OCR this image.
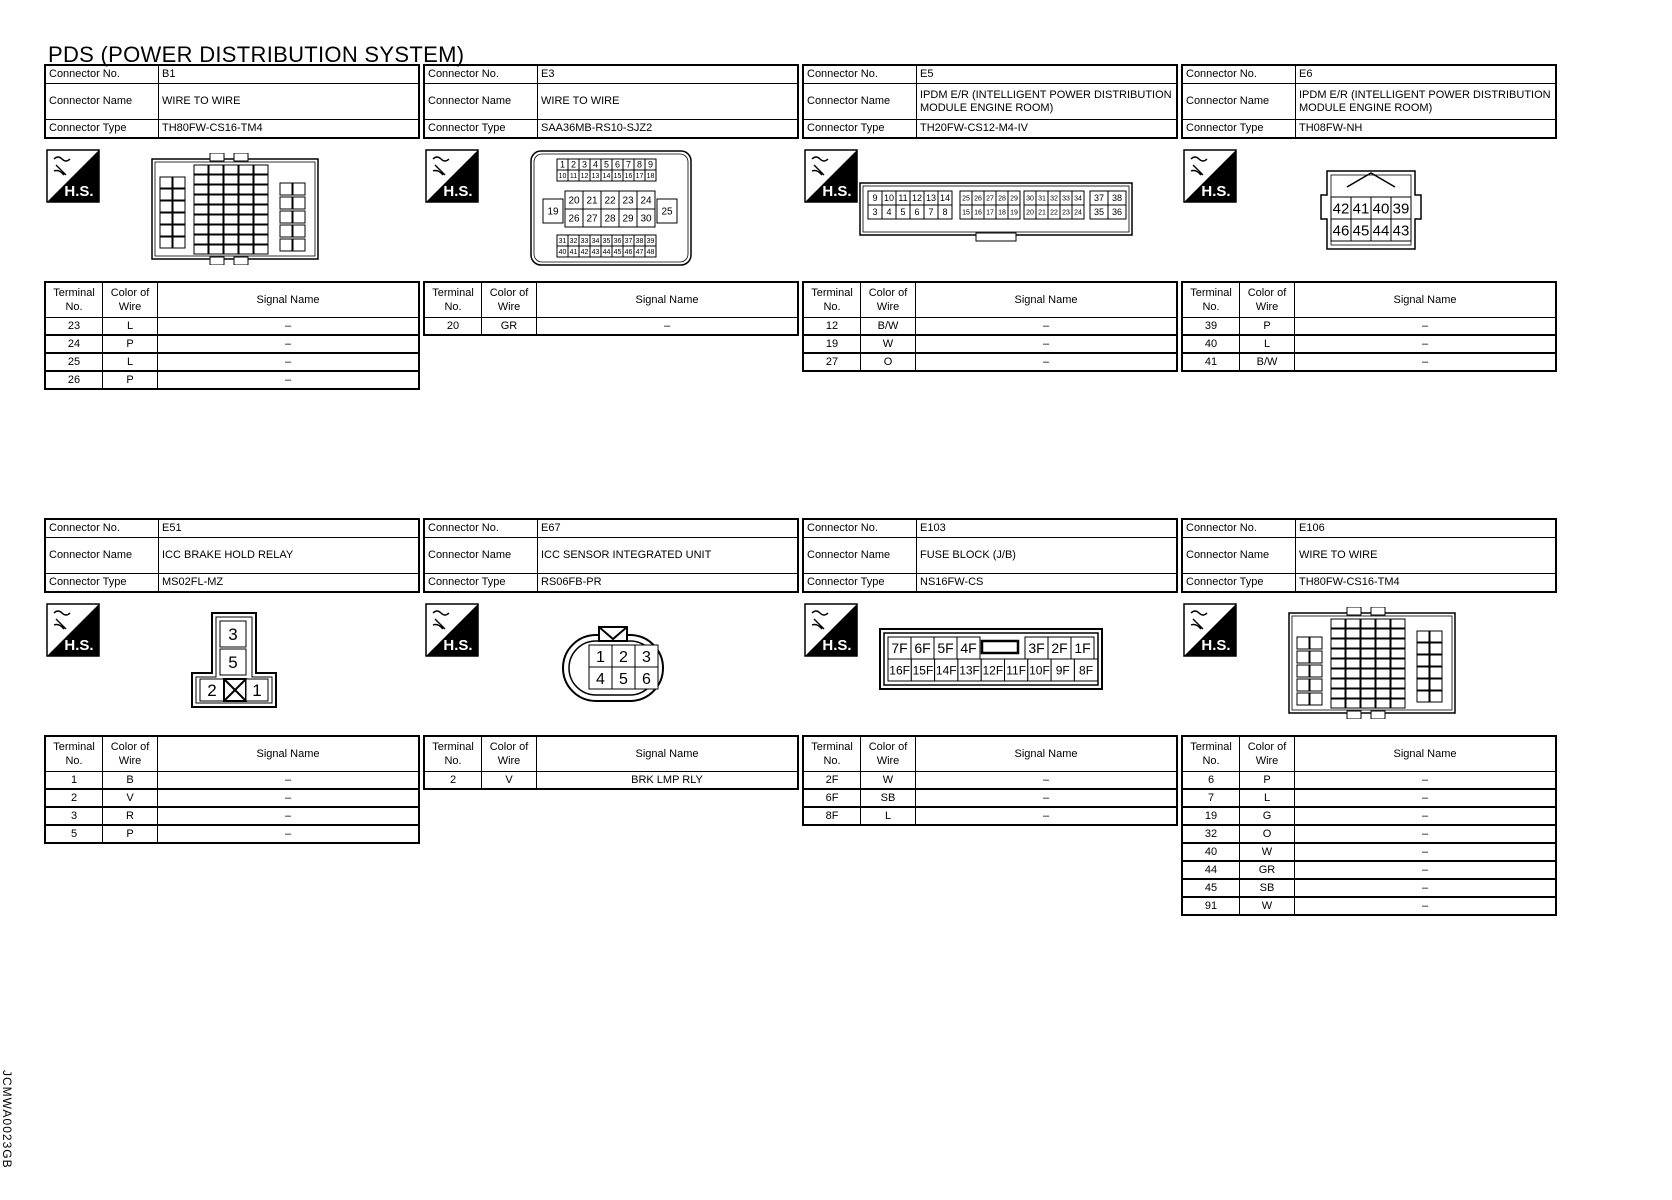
PDS (POWER DISTRIBUTION SYSTEM)
JCMWA0023GB
Connector No.	B1
Connector Name	WIRE TO WIRE
Connector Type	TH80FW-CS16-TM4
H.S.
Terminal No.	Color of Wire	Signal Name
23	L	–
24	P	–
25	L	–
26	P	–
Connector No.	E3
Connector Name	WIRE TO WIRE
Connector Type	SAA36MB-RS10-SJZ2
H.S.
1 2 3 4 5 6 7 8 9
10 11 12 13 14 15 16 17 18
19
20 21 22 23 24
26 27 28 29 30
25
31 32 33 34 35 36 37 38 39
40 41 42 43 44 45 46 47 48
Terminal No.	Color of Wire	Signal Name
20	GR	–
Connector No.	E5
Connector Name	IPDM E/R (INTELLIGENT POWER DISTRIBUTION MODULE ENGINE ROOM)
Connector Type	TH20FW-CS12-M4-IV
H.S. 9 10 11 12 13 14
3 4 5 6 7 8
25 26 27 28 29
15 16 17 18 19
30 31 32 33 34
20 21 22 23 24
37 38
35 36
Terminal No.	Color of Wire	Signal Name
12	B/W	–
19	W	–
27	O	–
Connector No.	E6
Connector Name	IPDM E/R (INTELLIGENT POWER DISTRIBUTION MODULE ENGINE ROOM)
Connector Type	TH08FW-NH
H.S.
42 41 40 39
46 45 44 43
Terminal No.	Color of Wire	Signal Name
39	P	–
40	L	–
41	B/W	–
Connector No.	E51
Connector Name	ICC BRAKE HOLD RELAY
Connector Type	MS02FL-MZ
H.S.
3
5
2 1
Terminal No.	Color of Wire	Signal Name
1	B	–
2	V	–
3	R	–
5	P	–
Connector No.	E67
Connector Name	ICC SENSOR INTEGRATED UNIT
Connector Type	RS06FB-PR
H.S.
1 2 3
4 5 6
Terminal No.	Color of Wire	Signal Name
2	V	BRK LMP RLY
Connector No.	E103
Connector Name	FUSE BLOCK (J/B)
Connector Type	NS16FW-CS
H.S.	7F 6F 5F 4F	3F 2F 1F
16F 15F 14F 13F 12F 11F 10F 9F 8F
Terminal No.	Color of Wire	Signal Name
2F	W	–
6F	SB	–
8F	L	–
Connector No.	E106
Connector Name	WIRE TO WIRE
Connector Type	TH80FW-CS16-TM4
H.S.
Terminal No.	Color of Wire	Signal Name
6	P	–
7	L	–
19	G	–
32	O	–
40	W	–
44	GR	–
45	SB	–
91	W	–
